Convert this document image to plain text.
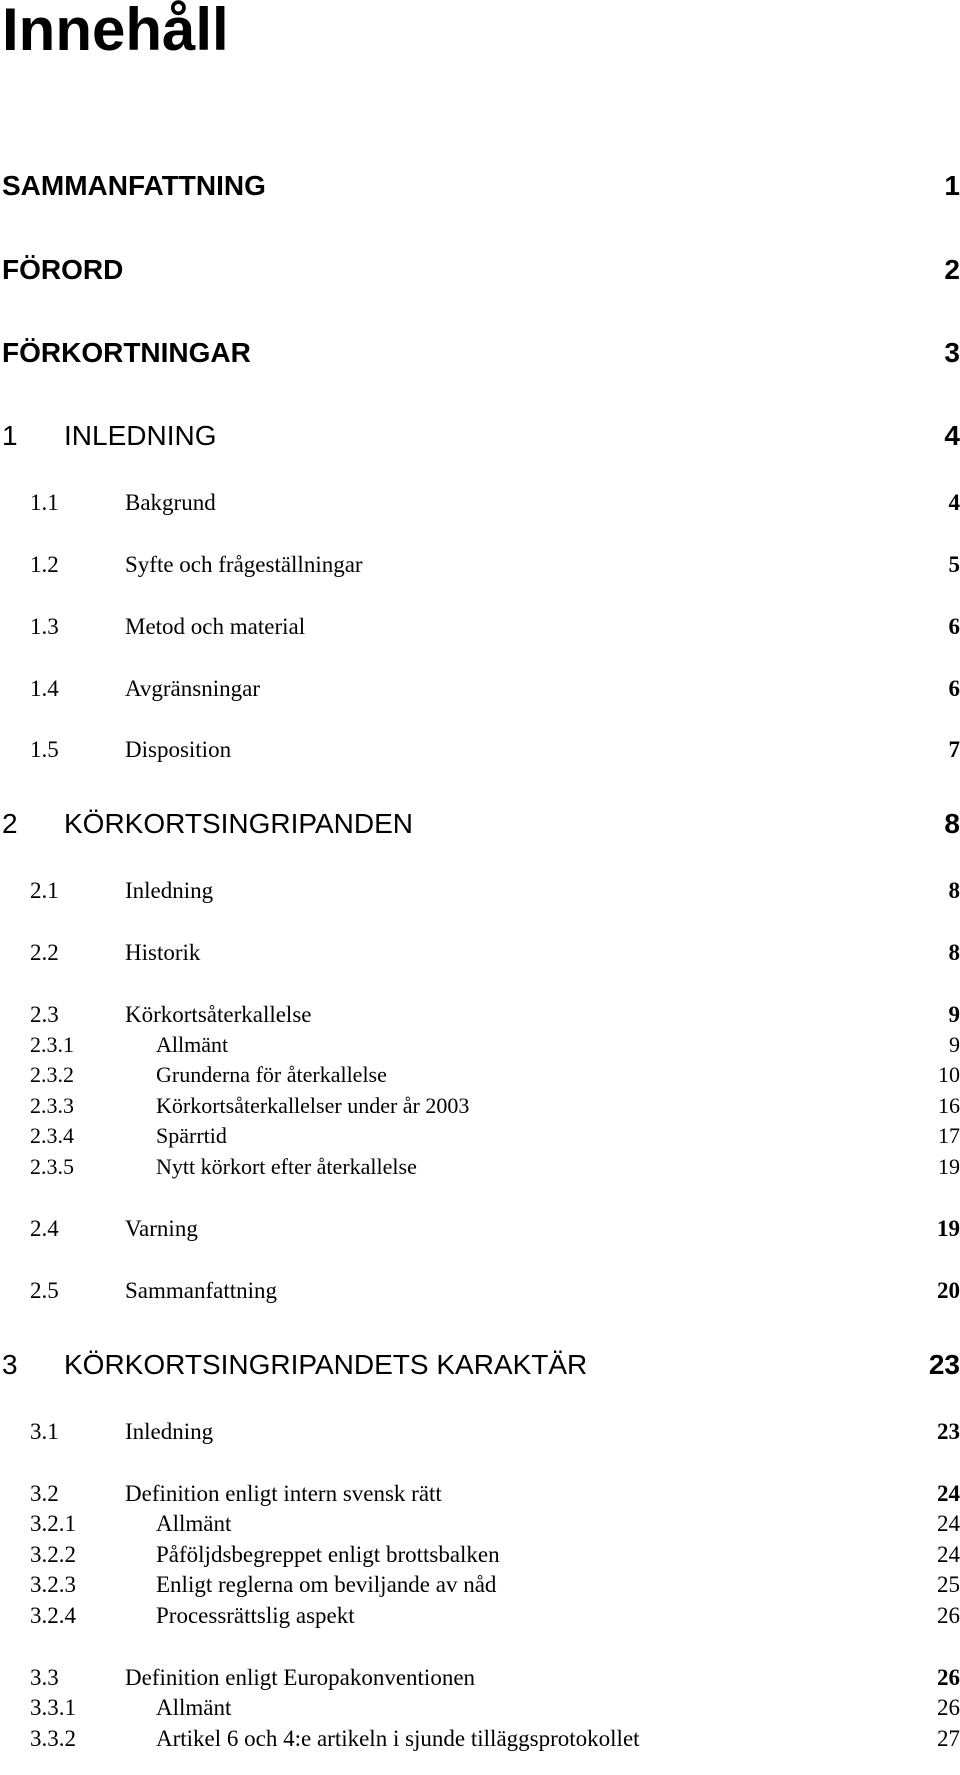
Innehåll
SAMMANFATTNING	1
FÖRORD	2
FÖRKORTNINGAR	3
1 INLEDNING	4
1.1	Bakgrund	4
1.2	Syfte och frågeställningar	5
1.3	Metod och material	6
1.4	Avgränsningar	6
1.5	Disposition	7
2 KÖRKORTSINGRIPANDEN	8
2.1	Inledning	8
2.2	Historik	8
2.3	Körkortsåterkallelse	9
2.3.1	Allmänt	9
2.3.2	Grunderna för återkallelse	10
2.3.3	Körkortsåterkallelser under år 2003	16
2.3.4	Spärrtid	17
2.3.5	Nytt körkort efter återkallelse	19
2.4	Varning	19
2.5	Sammanfattning	20
3 KÖRKORTSINGRIPANDETS KARAKTÄR	23
3.1	Inledning	23
3.2	Definition enligt intern svensk rätt	24
3.2.1	Allmänt	24
3.2.2	Påföljdsbegreppet enligt brottsbalken	24
3.2.3	Enligt reglerna om beviljande av nåd	25
3.2.4	Processrättslig aspekt	26
3.3	Definition enligt Europakonventionen	26
3.3.1	Allmänt	26
3.3.2	Artikel 6 och 4:e artikeln i sjunde tilläggsprotokollet	27
